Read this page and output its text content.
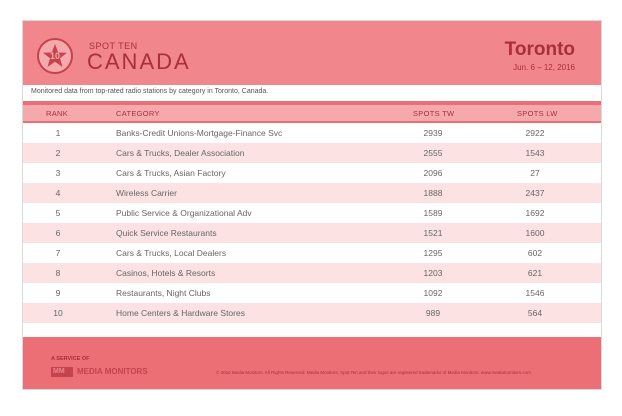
10
SPOT TEN
CANADA	Toronto
Jun. 6 – 12, 2016
Monitored data from top-rated radio stations by category in Toronto, Canada.
RANK	CATEGORY	SPOTS TW	SPOTS LW
1	Banks-Credit Unions-Mortgage-Finance Svc	2939	2922
2	Cars & Trucks, Dealer Association	2555	1543
3	Cars & Trucks, Asian Factory	2096	27
4	Wireless Carrier	1888	2437
5	Public Service & Organizational Adv	1589	1692
6	Quick Service Restaurants	1521	1600
7	Cars & Trucks, Local Dealers	1295	602
8	Casinos, Hotels & Resorts	1203	621
9	Restaurants, Night Clubs	1092	1546
10	Home Centers & Hardware Stores	989	564
A SERVICE OF
MM MEDIA MONITORS	© 2016 Media Monitors. All Rights Reserved. Media Monitors, Spot Ten and their logos are registered trademarks of Media Monitors. www.mediamonitors.com
